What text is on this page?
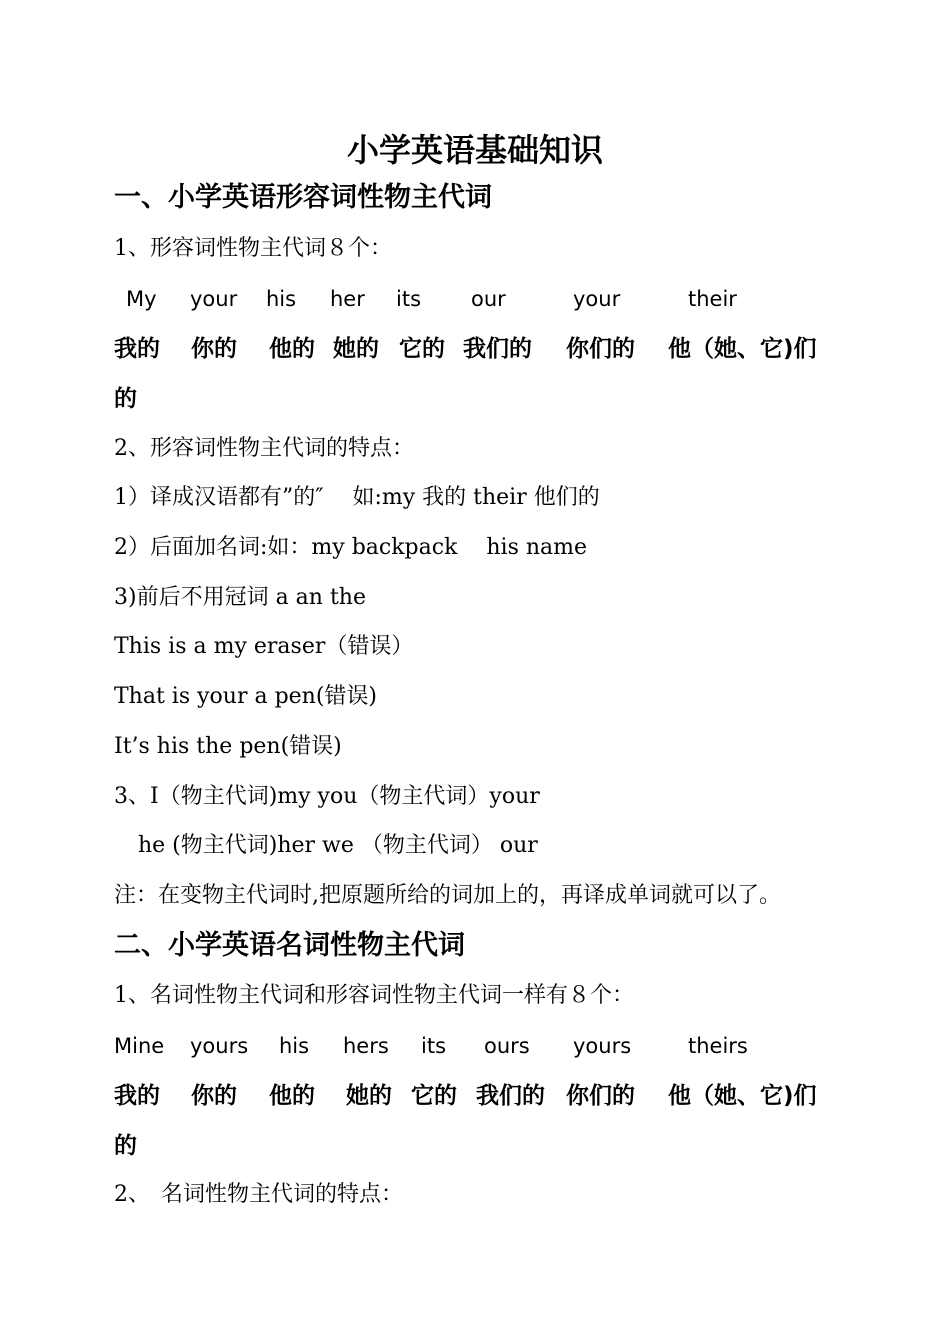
小学英语基础知识
一、小学英语形容词性物主代词
1、形容词性物主代词８个：
My your his her its our	your	their
我的 你的 他的 她的 它的 我们的 你们的 他（她、它)们
的
2、形容词性物主代词的特点：
1）译成汉语都有”的″　 如:my 我的 their 他们的
2）后面加名词:如：my backpack　 his name
3)前后不用冠词 a an the
This is a my eraser（错误）
That is your a pen(错误)
It’s his the pen(错误)
3、I（物主代词)my you（物主代词）your
he (物主代词)her we （物主代词） our
注：在变物主代词时,把原题所给的词加上的，再译成单词就可以了。
二、小学英语名词性物主代词
1、名词性物主代词和形容词性物主代词一样有８个：
Mine yours his hers its ours yours	theirs
我的 你的 他的 她的 它的 我们的 你们的 他（她、它)们
的
2、　名词性物主代词的特点：
